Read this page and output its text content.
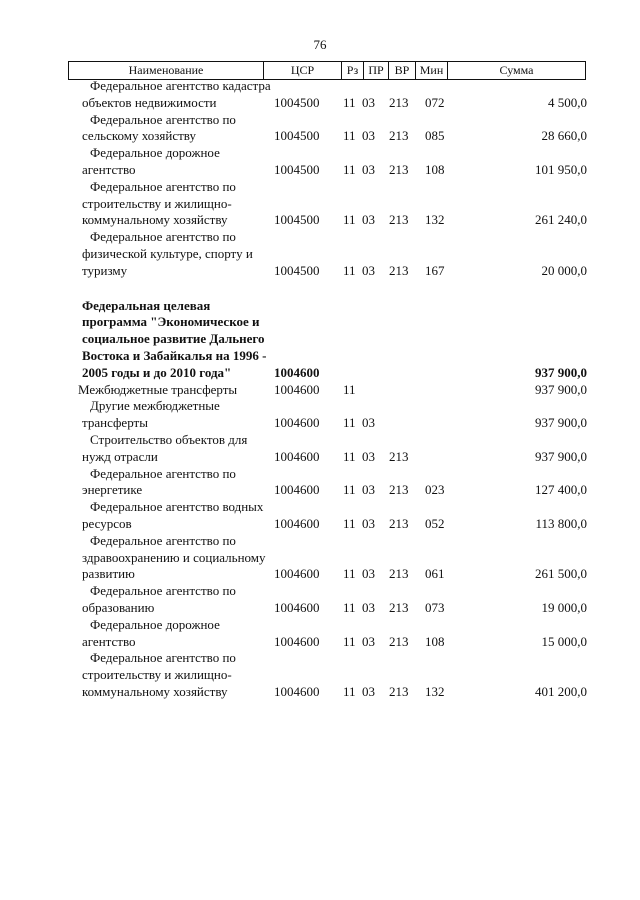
76
Наименование	ЦСР	Рз ПР ВР Мин	Сумма
Федеральное агентство кадастра объектов недвижимости	1004500 11 03 213 072	4 500,0
Федеральное агентство по сельскому хозяйству	1004500 11 03 213 085	28 660,0
Федеральное дорожное агентство	1004500 11 03 213 108	101 950,0
Федеральное агентство по строительству и жилищно-коммунальному хозяйству	1004500 11 03 213 132	261 240,0
Федеральное агентство по физической культуре, спорту и туризму	1004500 11 03 213 167	20 000,0
Федеральная целевая программа "Экономическое и социальное развитие Дальнего Востока и Забайкалья на 1996 - 2005 годы и до 2010 года"	1004600	937 900,0
Межбюджетные трансферты	1004600 11	937 900,0
Другие межбюджетные трансферты	1004600 11 03	937 900,0
Строительство объектов для нужд отрасли	1004600 11 03 213	937 900,0
Федеральное агентство по энергетике	1004600 11 03 213 023	127 400,0
Федеральное агентство водных ресурсов	1004600 11 03 213 052	113 800,0
Федеральное агентство по здравоохранению и социальному развитию	1004600 11 03 213 061	261 500,0
Федеральное агентство по образованию	1004600 11 03 213 073	19 000,0
Федеральное дорожное агентство	1004600 11 03 213 108	15 000,0
Федеральное агентство по строительству и жилищно-коммунальному хозяйству	1004600 11 03 213 132	401 200,0
